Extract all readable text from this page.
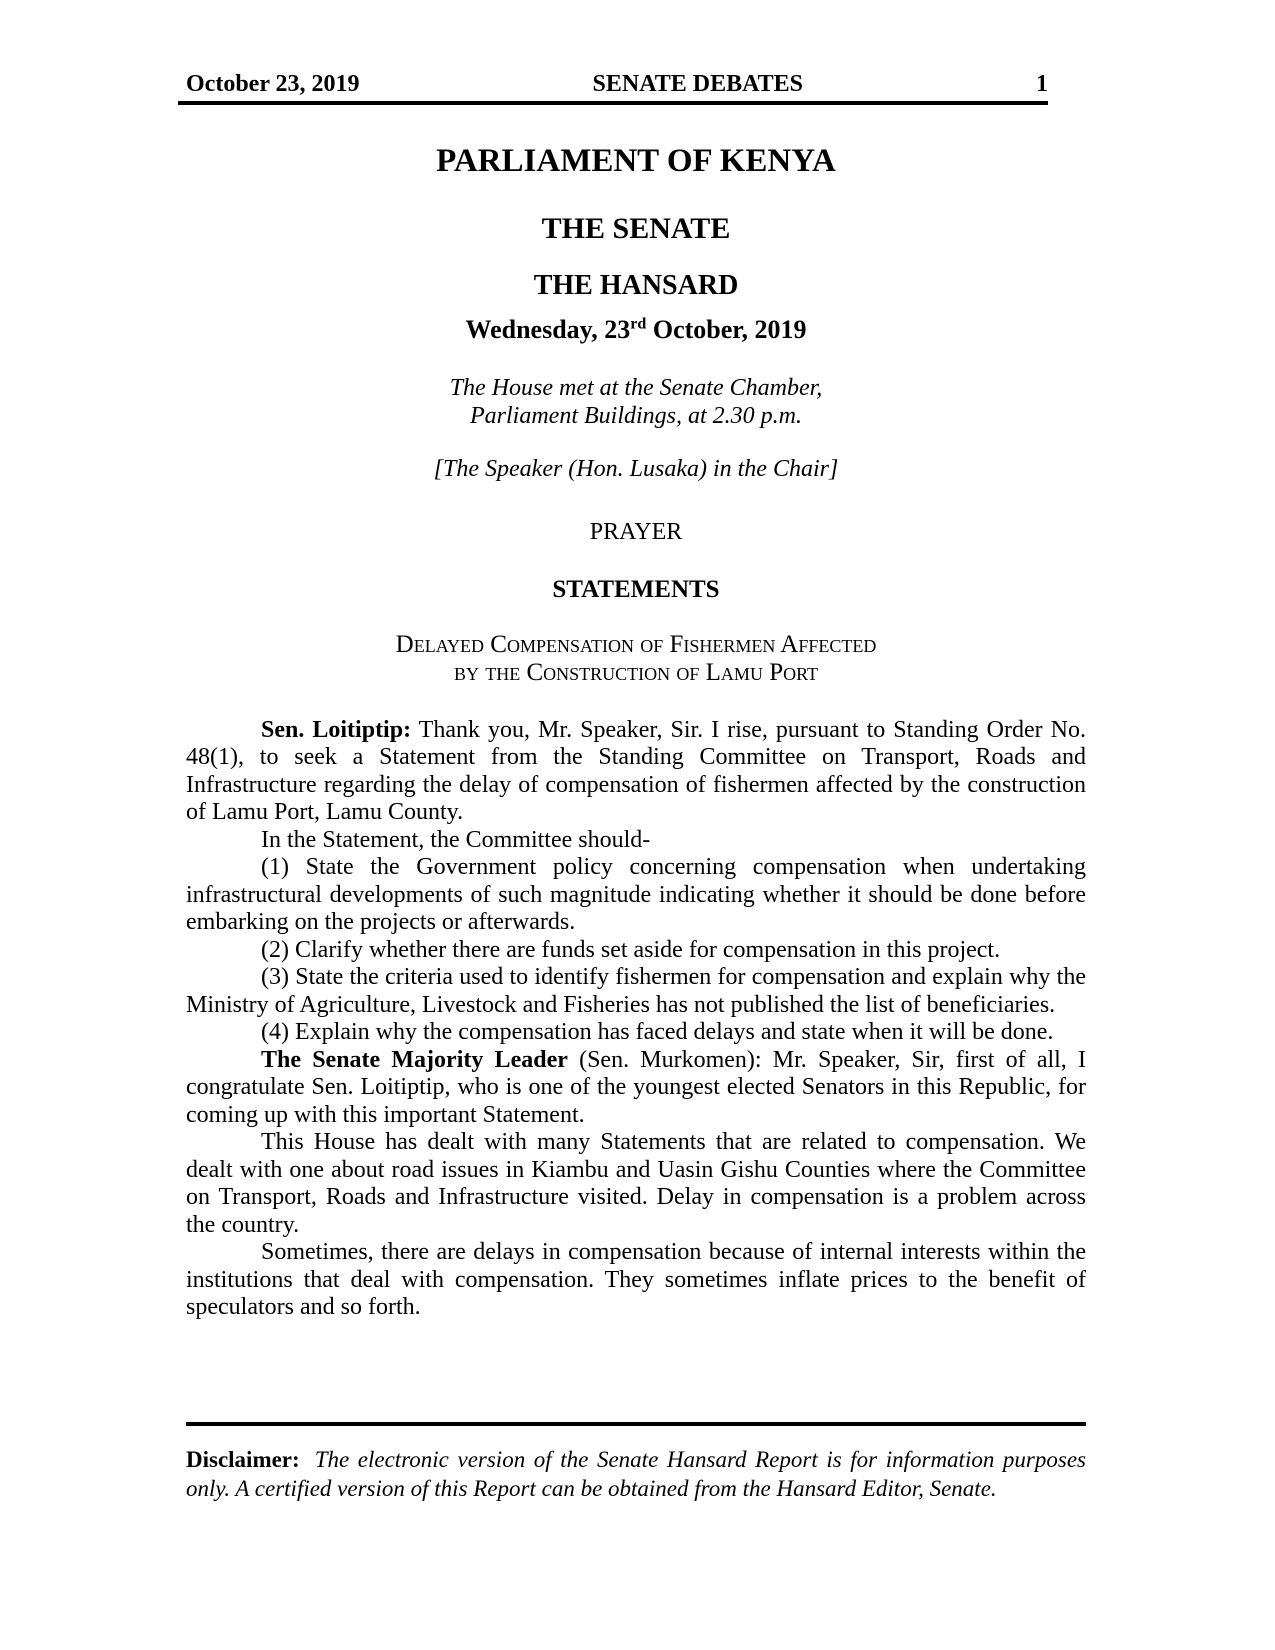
October 23, 2019	SENATE DEBATES	1
PARLIAMENT OF KENYA
THE SENATE
THE HANSARD
Wednesday, 23rd October, 2019
The House met at the Senate Chamber,
Parliament Buildings, at 2.30 p.m.
[The Speaker (Hon. Lusaka) in the Chair]
PRAYER
STATEMENTS
Delayed Compensation of Fishermen Affected
by the Construction of Lamu Port

Sen. Loitiptip: Thank you, Mr. Speaker, Sir. I rise, pursuant to Standing Order No. 48(1), to seek a Statement from the Standing Committee on Transport, Roads and Infrastructure regarding the delay of compensation of fishermen affected by the construction of Lamu Port, Lamu County.

In the Statement, the Committee should-

(1) State the Government policy concerning compensation when undertaking infrastructural developments of such magnitude indicating whether it should be done before embarking on the projects or afterwards.

(2) Clarify whether there are funds set aside for compensation in this project.

(3) State the criteria used to identify fishermen for compensation and explain why the Ministry of Agriculture, Livestock and Fisheries has not published the list of beneficiaries.

(4) Explain why the compensation has faced delays and state when it will be done.

The Senate Majority Leader (Sen. Murkomen): Mr. Speaker, Sir, first of all, I congratulate Sen. Loitiptip, who is one of the youngest elected Senators in this Republic, for coming up with this important Statement.

This House has dealt with many Statements that are related to compensation. We dealt with one about road issues in Kiambu and Uasin Gishu Counties where the Committee on Transport, Roads and Infrastructure visited. Delay in compensation is a problem across the country.

Sometimes, there are delays in compensation because of internal interests within the institutions that deal with compensation. They sometimes inflate prices to the benefit of speculators and so forth.

Disclaimer: The electronic version of the Senate Hansard Report is for information purposes only. A certified version of this Report can be obtained from the Hansard Editor, Senate.
